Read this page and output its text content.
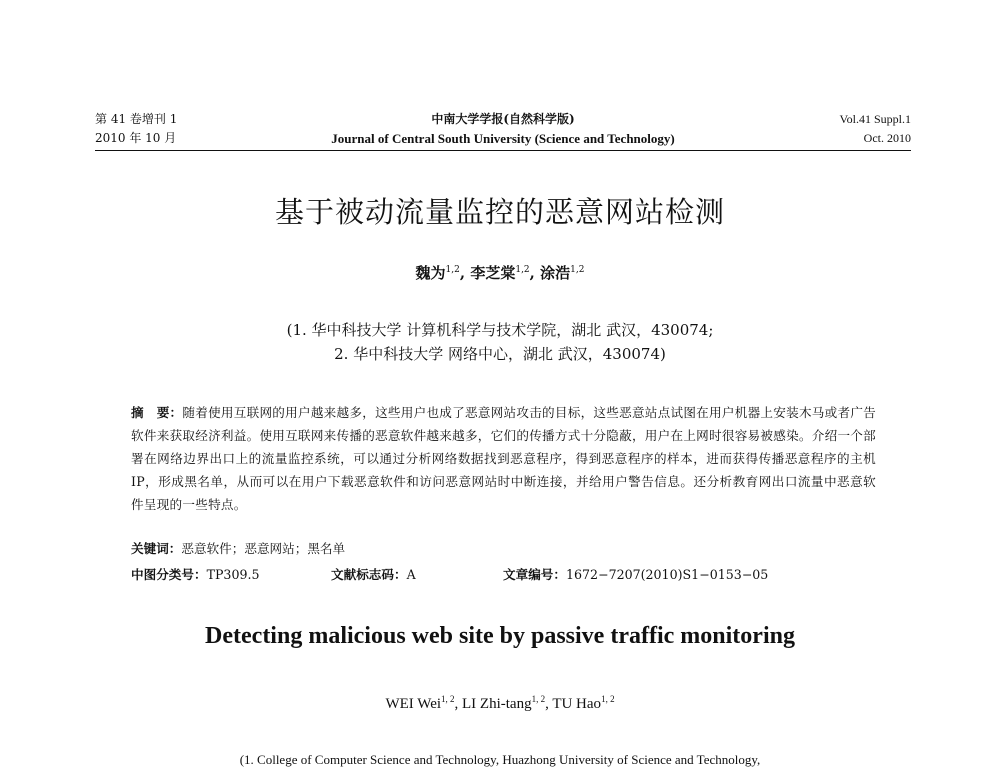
第 41 卷增刊 1
2010 年 10 月
中南大学学报(自然科学版)
Journal of Central South University (Science and Technology)
Vol.41 Suppl.1
Oct. 2010
基于被动流量监控的恶意网站检测
魏为$^{1,2}$, 李芝棠$^{1,2}$, 涂浩$^{1,2}$
(1. 华中科技大学 计算机科学与技术学院，湖北 武汉，430074;
2. 华中科技大学 网络中心，湖北 武汉，430074)
摘　要：随着使用互联网的用户越来越多，这些用户也成了恶意网站攻击的目标，这些恶意站点试图在用户机器上安装木马或者广告软件来获取经济利益。使用互联网来传播的恶意软件越来越多，它们的传播方式十分隐蔽，用户在上网时很容易被感染。介绍一个部署在网络边界出口上的流量监控系统，可以通过分析网络数据找到恶意程序，得到恶意程序的样本，进而获得传播恶意程序的主机 IP，形成黑名单，从而可以在用户下载恶意软件和访问恶意网站时中断连接，并给用户警告信息。还分析教育网出口流量中恶意软件呈现的一些特点。
关键词：恶意软件；恶意网站；黑名单
中图分类号：TP309.5	文献标志码：A	文章编号：1672−7207(2010)S1−0153−05
Detecting malicious web site by passive traffic monitoring
WEI Wei$^{1, 2}$, LI Zhi-tang$^{1, 2}$, TU Hao$^{1, 2}$
(1. College of Computer Science and Technology, Huazhong University of Science and Technology,
